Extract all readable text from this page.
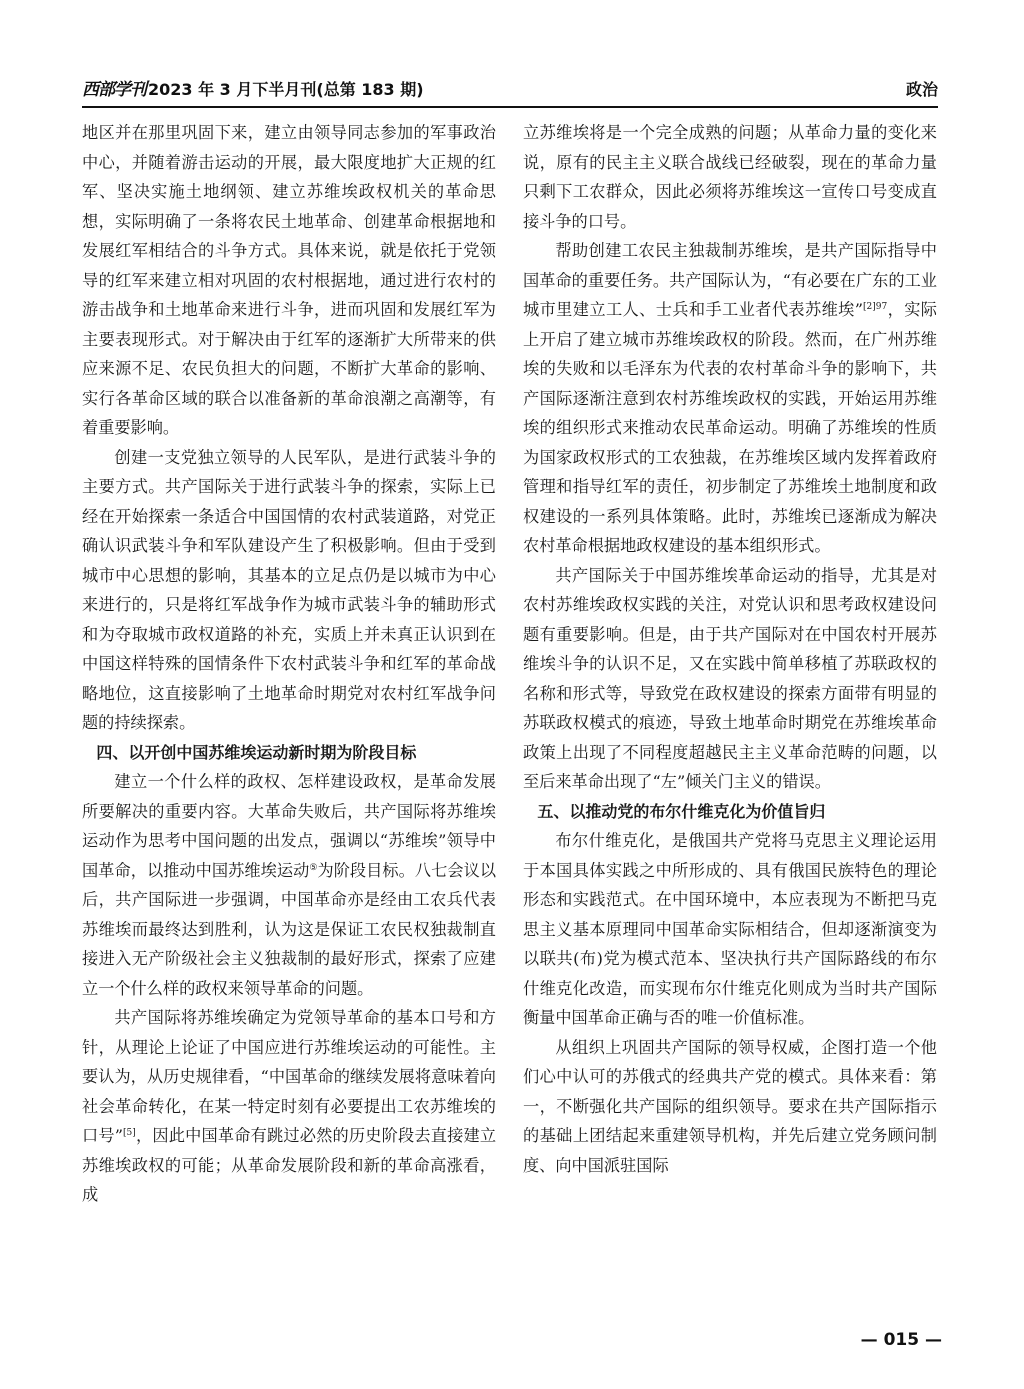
西部学刊 2023 年 3 月下半月刊(总第 183 期)	政治

地区并在那里巩固下来，建立由领导同志参加的军事政治中心，并随着游击运动的开展，最大限度地扩大正规的红军、坚决实施土地纲领、建立苏维埃政权机关的革命思想，实际明确了一条将农民土地革命、创建革命根据地和发展红军相结合的斗争方式。具体来说，就是依托于党领导的红军来建立相对巩固的农村根据地，通过进行农村的游击战争和土地革命来进行斗争，进而巩固和发展红军为主要表现形式。对于解决由于红军的逐渐扩大所带来的供应来源不足、农民负担大的问题，不断扩大革命的影响、实行各革命区域的联合以准备新的革命浪潮之高潮等，有着重要影响。

创建一支党独立领导的人民军队，是进行武装斗争的主要方式。共产国际关于进行武装斗争的探索，实际上已经在开始探索一条适合中国国情的农村武装道路，对党正确认识武装斗争和军队建设产生了积极影响。但由于受到城市中心思想的影响，其基本的立足点仍是以城市为中心来进行的，只是将红军战争作为城市武装斗争的辅助形式和为夺取城市政权道路的补充，实质上并未真正认识到在中国这样特殊的国情条件下农村武装斗争和红军的革命战略地位，这直接影响了土地革命时期党对农村红军战争问题的持续探索。

四、以开创中国苏维埃运动新时期为阶段目标

建立一个什么样的政权、怎样建设政权，是革命发展所要解决的重要内容。大革命失败后，共产国际将苏维埃运动作为思考中国问题的出发点，强调以“苏维埃”领导中国革命，以推动中国苏维埃运动⑤为阶段目标。八七会议以后，共产国际进一步强调，中国革命亦是经由工农兵代表苏维埃而最终达到胜利，认为这是保证工农民权独裁制直接进入无产阶级社会主义独裁制的最好形式，探索了应建立一个什么样的政权来领导革命的问题。

共产国际将苏维埃确定为党领导革命的基本口号和方针，从理论上论证了中国应进行苏维埃运动的可能性。主要认为，从历史规律看，“中国革命的继续发展将意味着向社会革命转化，在某一特定时刻有必要提出工农苏维埃的口号”[5]，因此中国革命有跳过必然的历史阶段去直接建立苏维埃政权的可能；从革命发展阶段和新的革命高涨看，成

立苏维埃将是一个完全成熟的问题；从革命力量的变化来说，原有的民主主义联合战线已经破裂，现在的革命力量只剩下工农群众，因此必须将苏维埃这一宣传口号变成直接斗争的口号。

帮助创建工农民主独裁制苏维埃，是共产国际指导中国革命的重要任务。共产国际认为，“有必要在广东的工业城市里建立工人、士兵和手工业者代表苏维埃”$^{[2]97}$，实际上开启了建立城市苏维埃政权的阶段。然而，在广州苏维埃的失败和以毛泽东为代表的农村革命斗争的影响下，共产国际逐渐注意到农村苏维埃政权的实践，开始运用苏维埃的组织形式来推动农民革命运动。明确了苏维埃的性质为国家政权形式的工农独裁，在苏维埃区域内发挥着政府管理和指导红军的责任，初步制定了苏维埃土地制度和政权建设的一系列具体策略。此时，苏维埃已逐渐成为解决农村革命根据地政权建设的基本组织形式。

共产国际关于中国苏维埃革命运动的指导，尤其是对农村苏维埃政权实践的关注，对党认识和思考政权建设问题有重要影响。但是，由于共产国际对在中国农村开展苏维埃斗争的认识不足，又在实践中简单移植了苏联政权的名称和形式等，导致党在政权建设的探索方面带有明显的苏联政权模式的痕迹，导致土地革命时期党在苏维埃革命政策上出现了不同程度超越民主主义革命范畴的问题，以至后来革命出现了“左”倾关门主义的错误。

五、以推动党的布尔什维克化为价值旨归

布尔什维克化，是俄国共产党将马克思主义理论运用于本国具体实践之中所形成的、具有俄国民族特色的理论形态和实践范式。在中国环境中，本应表现为不断把马克思主义基本原理同中国革命实际相结合，但却逐渐演变为以联共(布)党为模式范本、坚决执行共产国际路线的布尔什维克化改造，而实现布尔什维克化则成为当时共产国际衡量中国革命正确与否的唯一价值标准。

从组织上巩固共产国际的领导权威，企图打造一个他们心中认可的苏俄式的经典共产党的模式。具体来看：第一，不断强化共产国际的组织领导。要求在共产国际指示的基础上团结起来重建领导机构，并先后建立党务顾问制度、向中国派驻国际

— 015 —
